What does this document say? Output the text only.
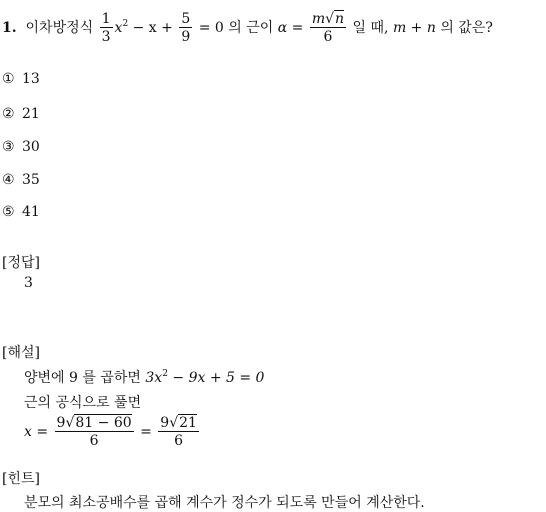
1. 이차방정식 $\frac{1}{3} x^2 - x + \frac{5}{9} = 0$ 의 근이 $\alpha = \frac{m√n}{6}$ 일 때, m + n 의 값은?
① 13
② 21
③ 30
④ 35
⑤ 41
[정답]
3
[해설]
양변에 9 를 곱하면 $3x^2 - 9x + 5 = 0$
근의 공식으로 풀면
$x = \frac{9√81 - 60}{6} = \frac{9√21}{6}$
[힌트]
분모의 최소공배수를 곱해 계수가 정수가 되도록 만들어 계산한다.
